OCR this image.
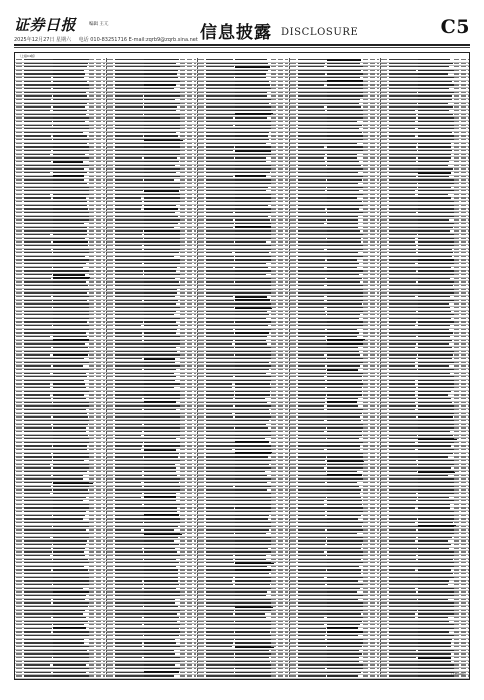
证券日报	编辑 王亢
2025年12月27日 星期六 电话 010-83251716 E-mail:zqrb9@zqrb.sina.net 信息披露 DISCLOSURE	C5
（上接C4版）
（下转C6版）
